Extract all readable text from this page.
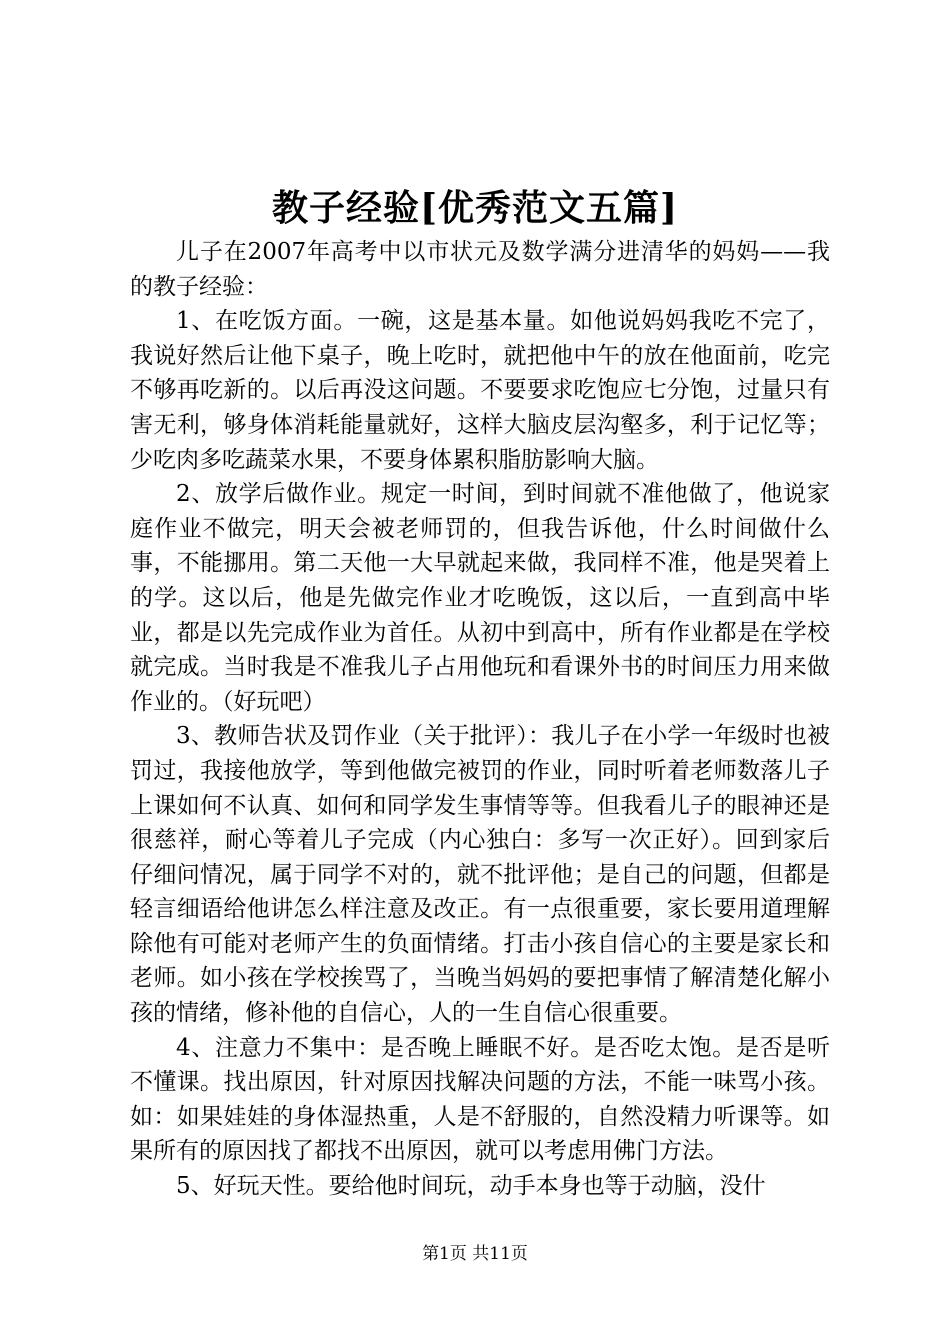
教子经验[优秀范文五篇]

儿子在2007年高考中以市状元及数学满分进清华的妈妈——我的教子经验：

1、在吃饭方面。一碗，这是基本量。如他说妈妈我吃不完了，我说好然后让他下桌子，晚上吃时，就把他中午的放在他面前，吃完不够再吃新的。以后再没这问题。不要要求吃饱应七分饱，过量只有害无利，够身体消耗能量就好，这样大脑皮层沟壑多，利于记忆等；少吃肉多吃蔬菜水果，不要身体累积脂肪影响大脑。

2、放学后做作业。规定一时间，到时间就不准他做了，他说家庭作业不做完，明天会被老师罚的，但我告诉他，什么时间做什么事，不能挪用。第二天他一大早就起来做，我同样不准，他是哭着上的学。这以后，他是先做完作业才吃晚饭，这以后，一直到高中毕业，都是以先完成作业为首任。从初中到高中，所有作业都是在学校就完成。当时我是不准我儿子占用他玩和看课外书的时间压力用来做作业的。（好玩吧）

3、教师告状及罚作业（关于批评）：我儿子在小学一年级时也被罚过，我接他放学，等到他做完被罚的作业，同时听着老师数落儿子上课如何不认真、如何和同学发生事情等等。但我看儿子的眼神还是很慈祥，耐心等着儿子完成（内心独白：多写一次正好）。回到家后仔细问情况，属于同学不对的，就不批评他；是自己的问题，但都是轻言细语给他讲怎么样注意及改正。有一点很重要，家长要用道理解除他有可能对老师产生的负面情绪。打击小孩自信心的主要是家长和老师。如小孩在学校挨骂了，当晚当妈妈的要把事情了解清楚化解小孩的情绪，修补他的自信心，人的一生自信心很重要。

4、注意力不集中：是否晚上睡眠不好。是否吃太饱。是否是听不懂课。找出原因，针对原因找解决问题的方法，不能一味骂小孩。如：如果娃娃的身体湿热重，人是不舒服的，自然没精力听课等。如果所有的原因找了都找不出原因，就可以考虑用佛门方法。

5、好玩天性。要给他时间玩，动手本身也等于动脑，没什

第1页 共11页
